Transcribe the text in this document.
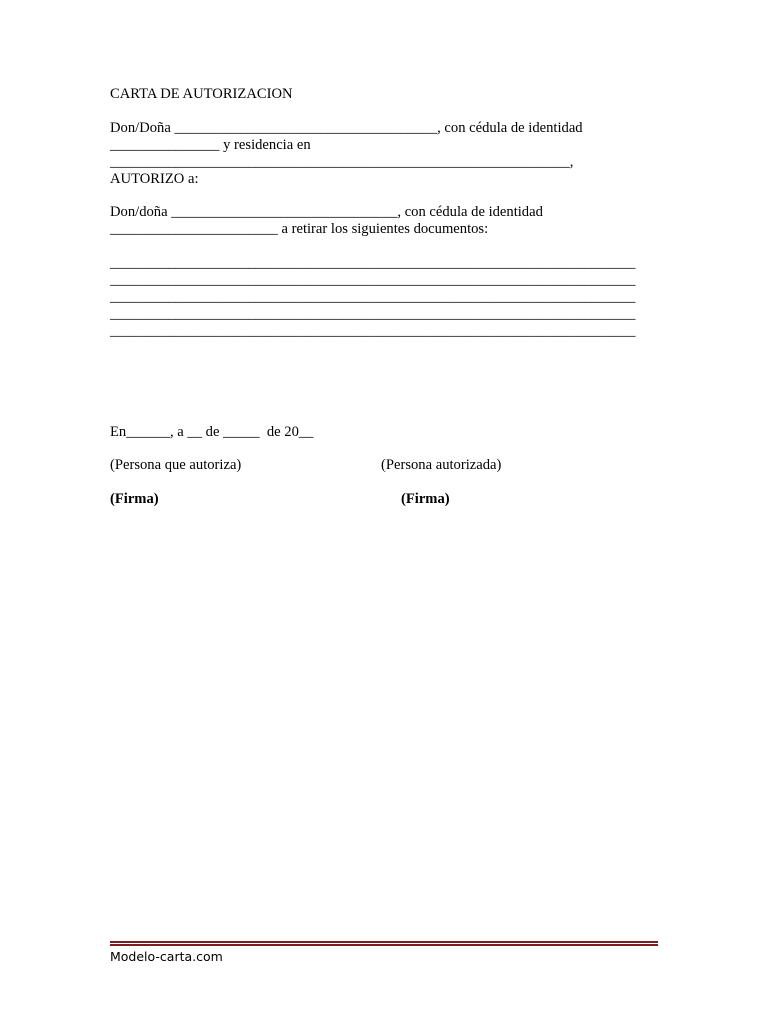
CARTA DE AUTORIZACION
Don/Doña ____________________________________, con cédula de identidad
_______________ y residencia en
_______________________________________________________________,
AUTORIZO a:
Don/doña _______________________________, con cédula de identidad
_______________________ a retirar los siguientes documentos:
________________________________________________________________________
________________________________________________________________________
________________________________________________________________________
________________________________________________________________________
________________________________________________________________________
En______, a __ de _____  de 20__
(Persona que autoriza)	(Persona autorizada)
(Firma)	(Firma)
Modelo-carta.com
